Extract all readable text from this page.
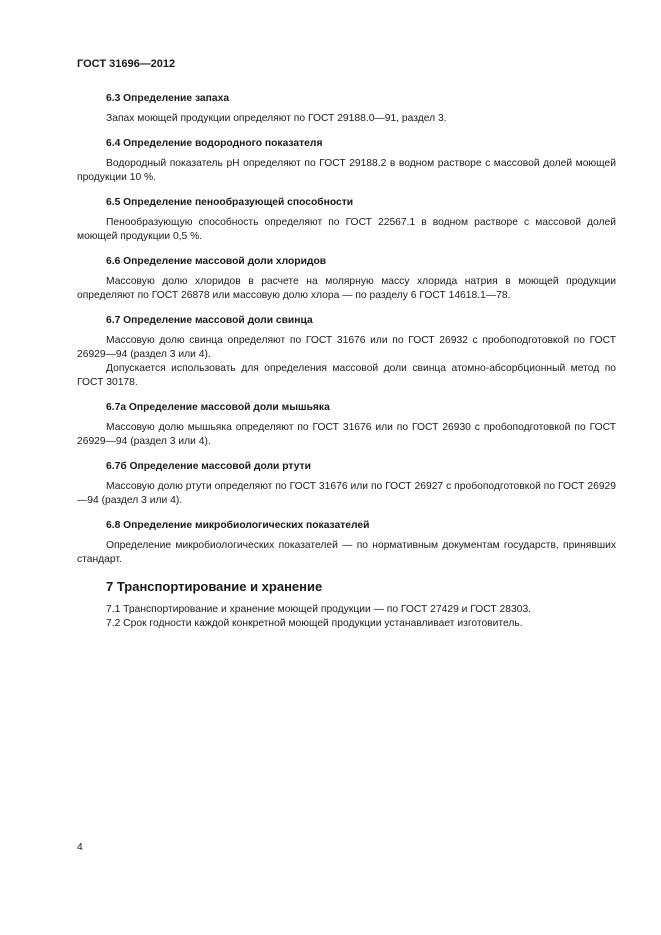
ГОСТ 31696—2012
6.3 Определение запаха

Запах моющей продукции определяют по ГОСТ 29188.0—91, раздел 3.

6.4 Определение водородного показателя

Водородный показатель pH определяют по ГОСТ 29188.2 в водном растворе с массовой долей моющей продукции 10 %.

6.5 Определение пенообразующей способности

Пенообразующую способность определяют по ГОСТ 22567.1 в водном растворе с массовой долей моющей продукции 0,5 %.

6.6 Определение массовой доли хлоридов

Массовую долю хлоридов в расчете на молярную массу хлорида натрия в моющей продукции определяют по ГОСТ 26878 или массовую долю хлора — по разделу 6 ГОСТ 14618.1—78.

6.7 Определение массовой доли свинца

Массовую долю свинца определяют по ГОСТ 31676 или по ГОСТ 26932 с пробоподготовкой по ГОСТ 26929—94 (раздел 3 или 4).

Допускается использовать для определения массовой доли свинца атомно-абсорбционный метод по ГОСТ 30178.

6.7а Определение массовой доли мышьяка

Массовую долю мышьяка определяют по ГОСТ 31676 или по ГОСТ 26930 с пробоподготовкой по ГОСТ 26929—94 (раздел 3 или 4).

6.7б Определение массовой доли ртути

Массовую долю ртути определяют по ГОСТ 31676 или по ГОСТ 26927 с пробоподготовкой по ГОСТ 26929—94 (раздел 3 или 4).

6.8 Определение микробиологических показателей

Определение микробиологических показателей — по нормативным документам государств, принявших стандарт.

7 Транспортирование и хранение

7.1 Транспортирование и хранение моющей продукции — по ГОСТ 27429 и ГОСТ 28303.

7.2 Срок годности каждой конкретной моющей продукции устанавливает изготовитель.

4
